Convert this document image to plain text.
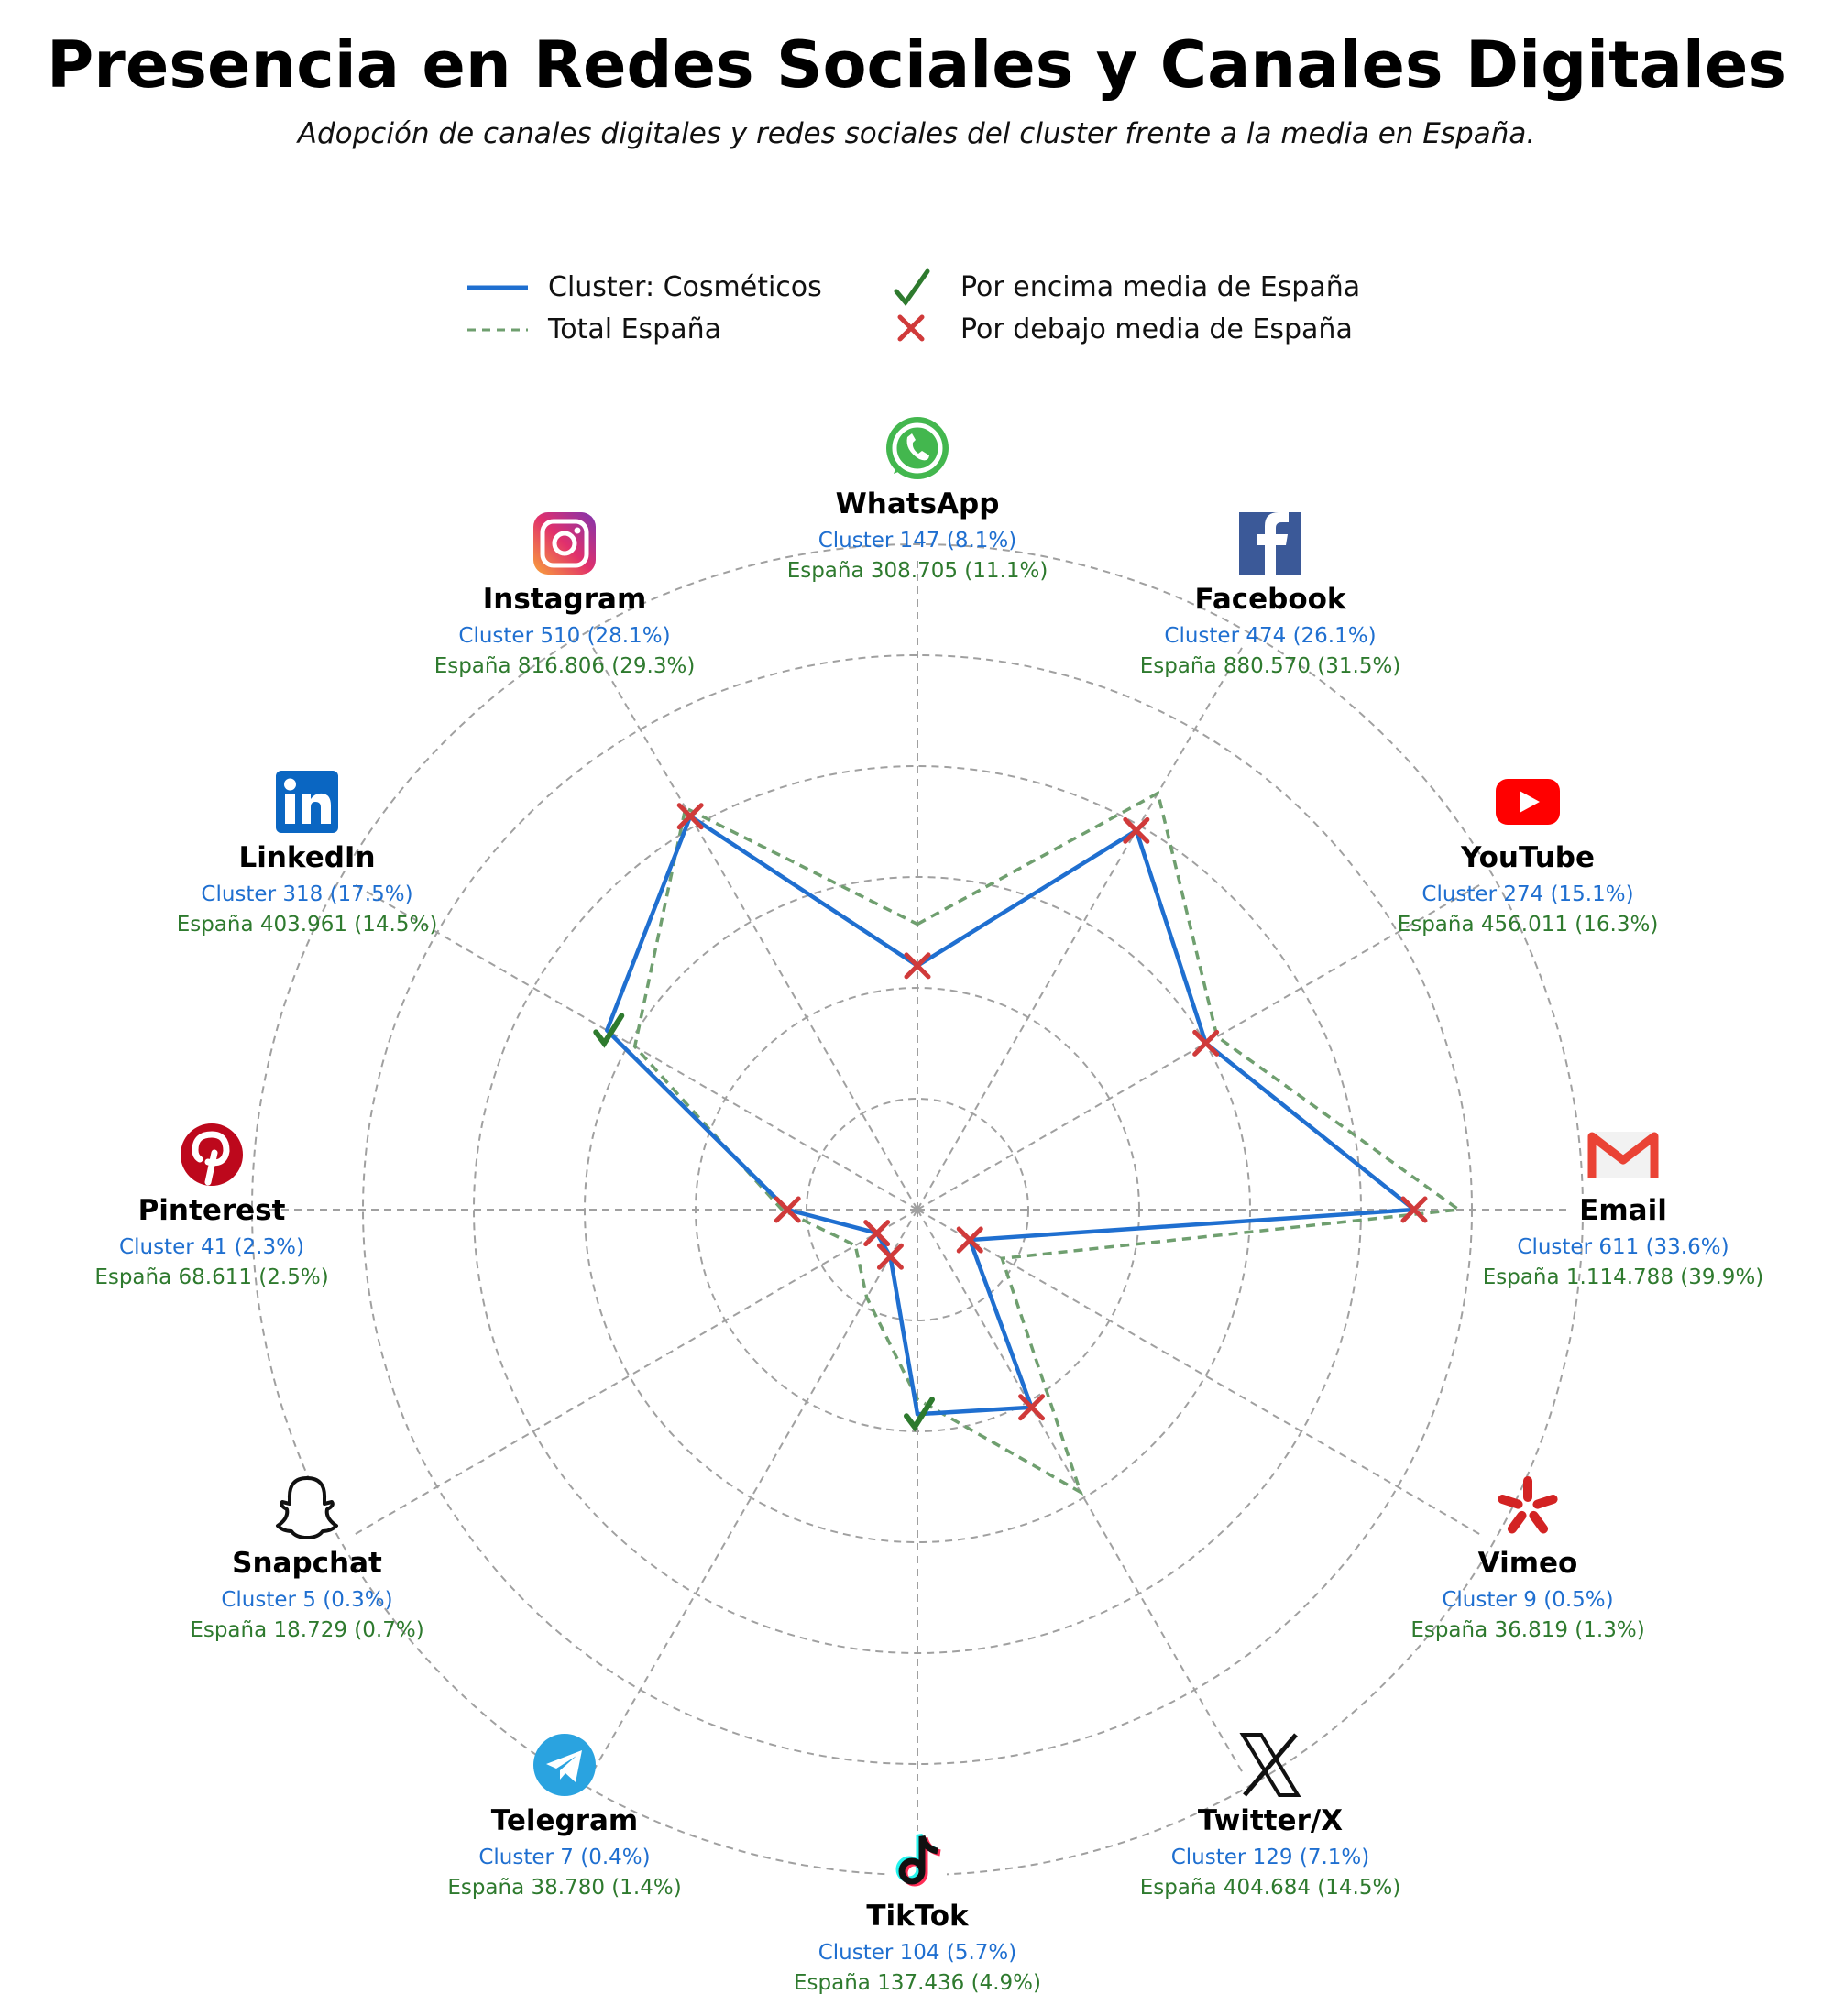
Presencia en Redes Sociales y Canales Digitales
Adopción de canales digitales y redes sociales del cluster frente a la media en España.
Cluster: Cosméticos
Total España
Por encima media de España
Por debajo media de España
WhatsApp
Cluster 147 (8.1%)
España 308.705 (11.1%)
Facebook
Cluster 474 (26.1%)
España 880.570 (31.5%)
YouTube
Cluster 274 (15.1%)
España 456.011 (16.3%)
Email
Cluster 611 (33.6%)
España 1.114.788 (39.9%)
Vimeo
Cluster 9 (0.5%)
España 36.819 (1.3%)
Twitter/X
Cluster 129 (7.1%)
España 404.684 (14.5%)
TikTok
Cluster 104 (5.7%)
España 137.436 (4.9%)
Telegram
Cluster 7 (0.4%)
España 38.780 (1.4%)
Snapchat
Cluster 5 (0.3%)
España 18.729 (0.7%)
Pinterest
Cluster 41 (2.3%)
España 68.611 (2.5%)
LinkedIn
Cluster 318 (17.5%)
España 403.961 (14.5%)
Instagram
Cluster 510 (28.1%)
España 816.806 (29.3%)
